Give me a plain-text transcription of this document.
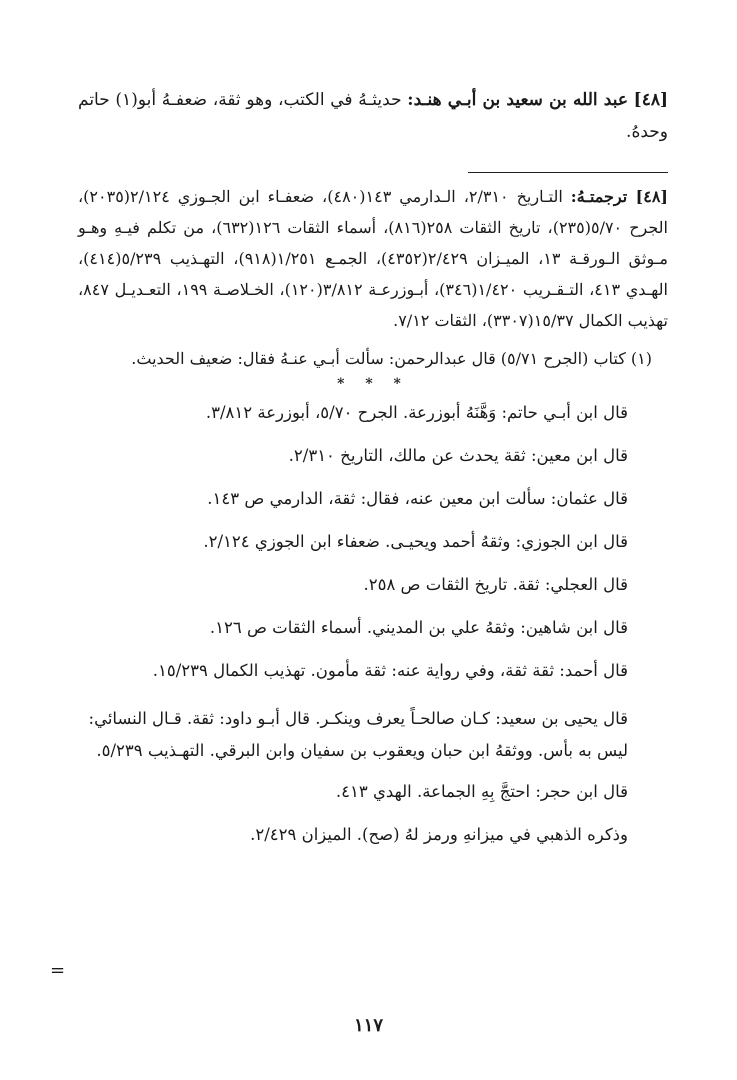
[٤٨] عبد الله بن سعيد بن أبـي هنـد: حديثـهُ في الكتب، وهو ثقة، ضعفـهُ أبو(١) حاتم وحدهُ.

[٤٨] ترجمتـهُ: التـاريخ ٢/٣١٠، الـدارمي ١٤٣(٤٨٠)، ضعفـاء ابن الجـوزي ٢/١٢٤(٢٠٣٥)، الجرح ٥/٧٠(٢٣٥)، تاريخ الثقات ٢٥٨(٨١٦)، أسماء الثقات ١٢٦(٦٣٢)، من تكلم فيـهِ وهـو مـوثق الـورقـة ١٣، الميـزان ٢/٤٢٩(٤٣٥٢)، الجمـع ١/٢٥١(٩١٨)، التهـذيب ٥/٢٣٩(٤١٤)، الهـدي ٤١٣، التـقـريب ١/٤٢٠(٣٤٦)، أبـوزرعـة ٣/٨١٢(١٢٠)، الخـلاصـة ١٩٩، التعـديـل ٨٤٧، تهذيب الكمال ١٥/٣٧(٣٣٠٧)، الثقات ٧/١٢.

(١) كتاب (الجرح ٥/٧١) قال عبدالرحمن: سألت أبـي عنـهُ فقال: ضعيف الحديث.

* * *

قال ابن أبـي حاتم: وَهَّنَهُ أبوزرعة. الجرح ٥/٧٠، أبوزرعة ٣/٨١٢.

قال ابن معين: ثقة يحدث عن مالك، التاريخ ٢/٣١٠.

قال عثمان: سألت ابن معين عنه، فقال: ثقة، الدارمي ص ١٤٣.

قال ابن الجوزي: وثقهُ أحمد ويحيـى. ضعفاء ابن الجوزي ٢/١٢٤.

قال العجلي: ثقة. تاريخ الثقات ص ٢٥٨.

قال ابن شاهين: وثقهُ علي بن المديني. أسماء الثقات ص ١٢٦.

قال أحمد: ثقة ثقة، وفي رواية عنه: ثقة مأمون. تهذيب الكمال ١٥/٢٣٩.

قال يحيى بن سعيد: كـان صالحـاً يعرف وينكـر. قال أبـو داود: ثقة. قـال النسائي: ليس به بأس. ووثقهُ ابن حبان ويعقوب بن سفيان وابن البرقي. التهـذيب ٥/٢٣٩.

قال ابن حجر: احتجَّ بِهِ الجماعة. الهدي ٤١٣.

وذكره الذهبي في ميزانهِ ورمز لهُ (صح). الميزان ٢/٤٢٩.

=
١١٧
